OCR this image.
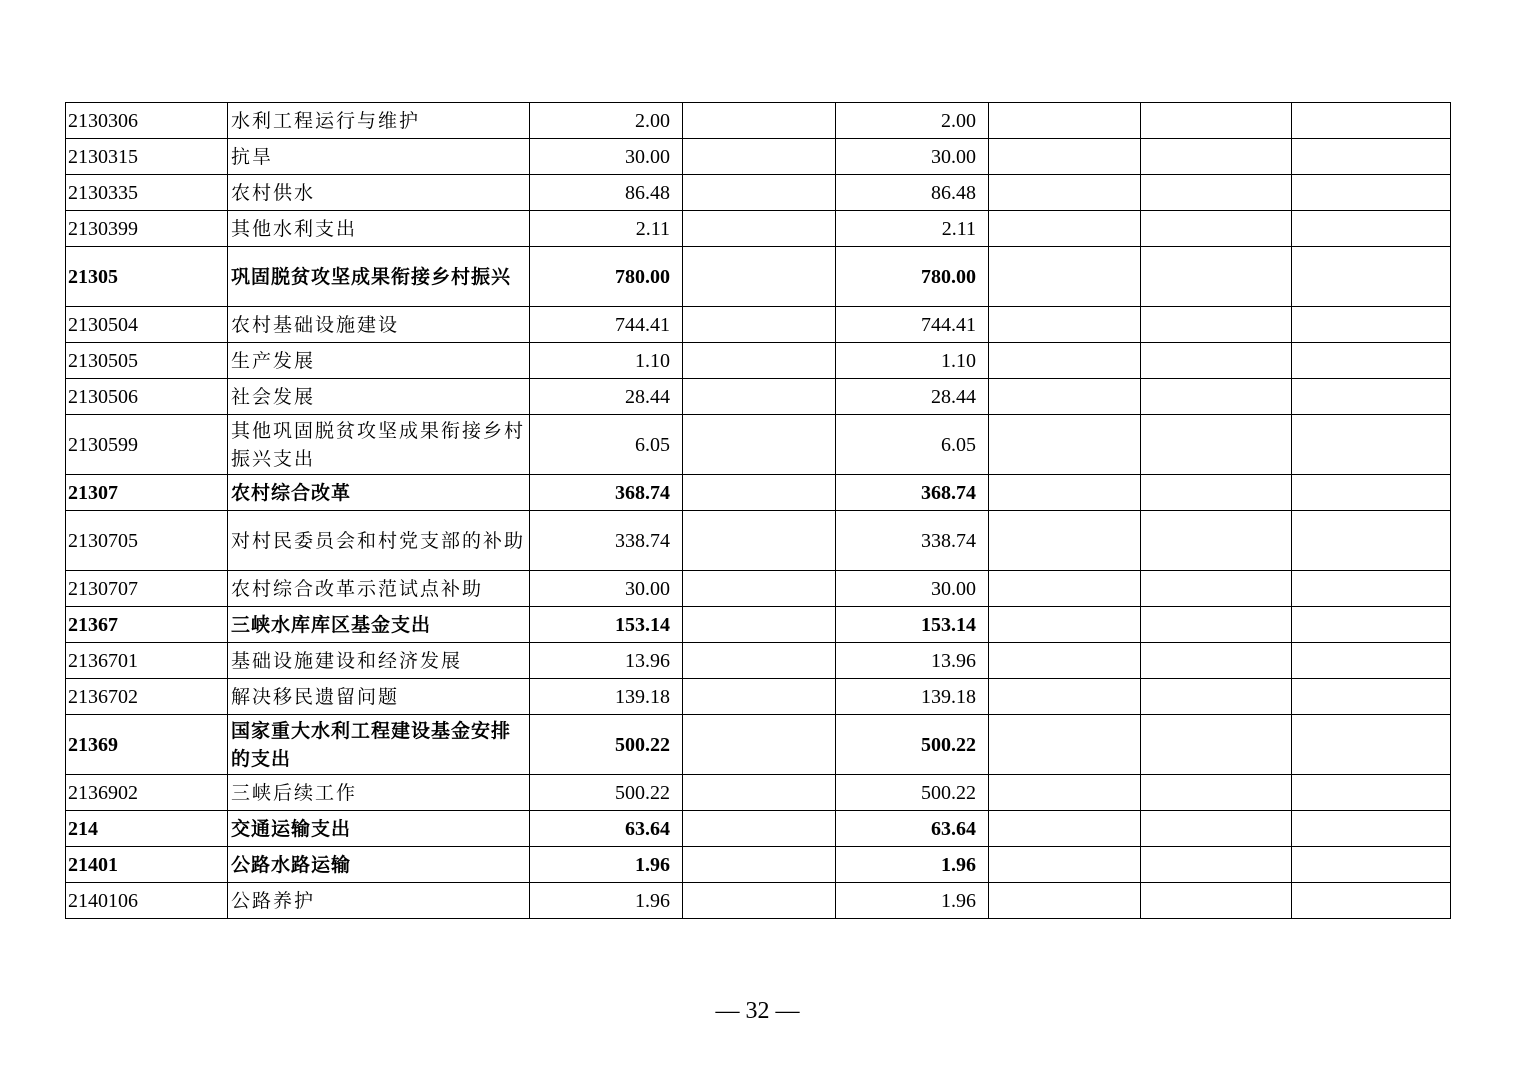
2130306	水利工程运行与维护	2.00		2.00			
2130315	抗旱	30.00		30.00			
2130335	农村供水	86.48		86.48			
2130399	其他水利支出	2.11		2.11			
21305	巩固脱贫攻坚成果衔接乡村振兴	780.00		780.00			
2130504	农村基础设施建设	744.41		744.41			
2130505	生产发展	1.10		1.10			
2130506	社会发展	28.44		28.44			
2130599	其他巩固脱贫攻坚成果衔接乡村振兴支出	6.05		6.05			
21307	农村综合改革	368.74		368.74			
2130705	对村民委员会和村党支部的补助	338.74		338.74			
2130707	农村综合改革示范试点补助	30.00		30.00			
21367	三峡水库库区基金支出	153.14		153.14			
2136701	基础设施建设和经济发展	13.96		13.96			
2136702	解决移民遗留问题	139.18		139.18			
21369	国家重大水利工程建设基金安排的支出	500.22		500.22			
2136902	三峡后续工作	500.22		500.22			
214	交通运输支出	63.64		63.64			
21401	公路水路运输	1.96		1.96			
2140106	公路养护	1.96		1.96			
— 32 —
